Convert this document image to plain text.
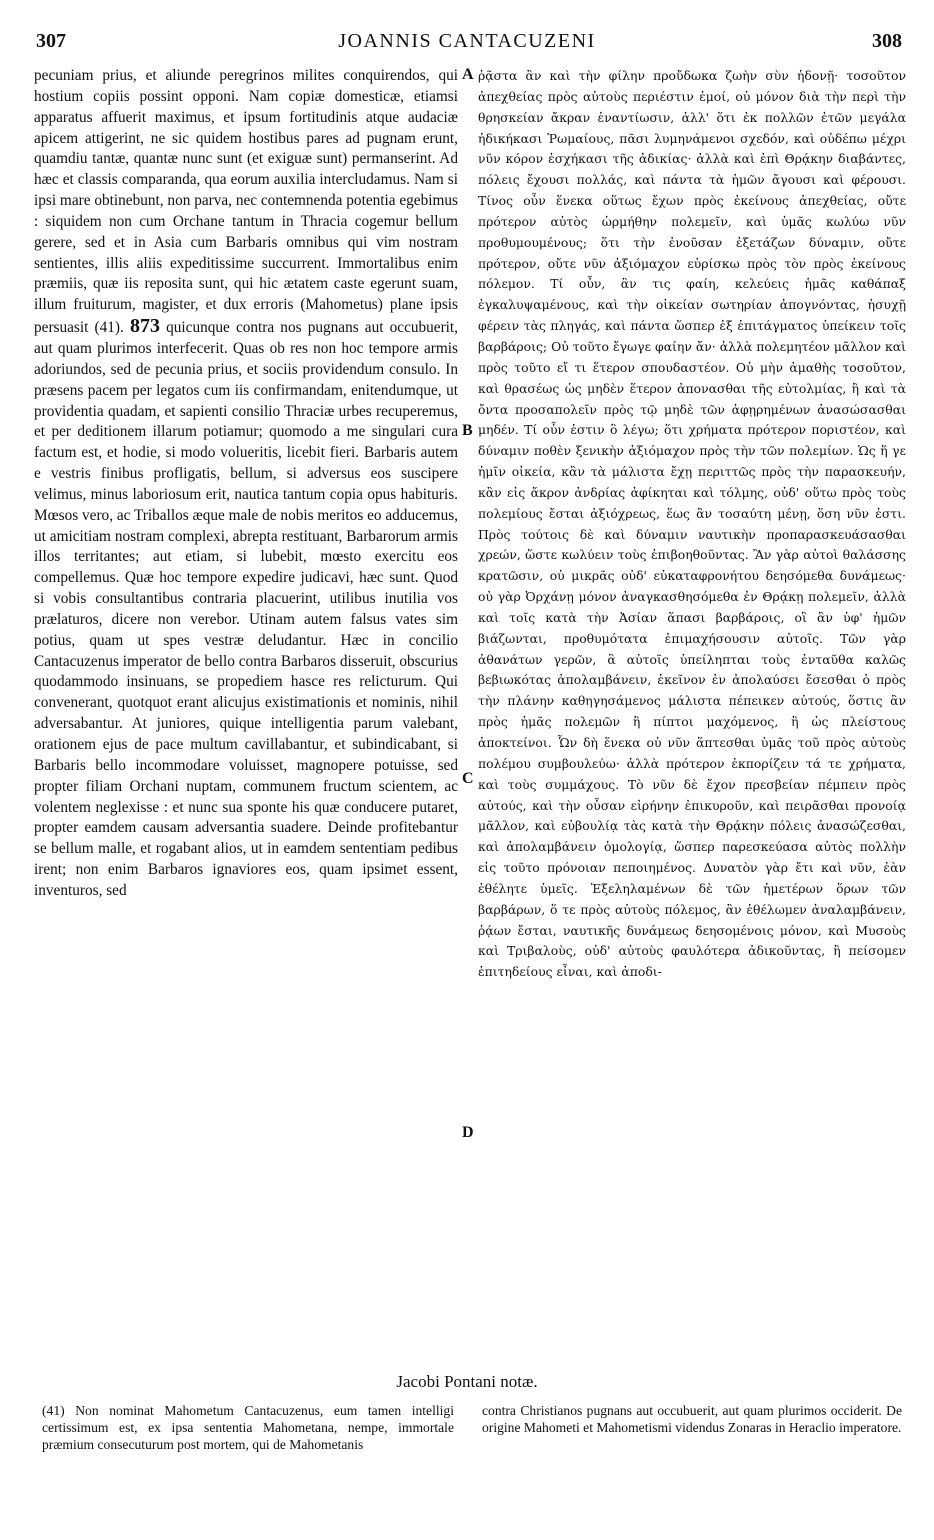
307	JOANNIS CANTACUZENI	308

pecuniam prius, et aliunde peregrinos milites conquirendos, qui hostium copiis possint opponi. Nam copiæ domesticæ, etiamsi apparatus affuerit maximus, et ipsum fortitudinis atque audaciæ apicem attigerint, ne sic quidem hostibus pares ad pugnam erunt, quamdiu tantæ, quantæ nunc sunt (et exiguæ sunt) permanserint. Ad hæc et classis comparanda, qua eorum auxilia intercludamus. Nam si ipsi mare obtinebunt, non parva, nec contemnenda potentia egebimus : siquidem non cum Orchane tantum in Thracia cogemur bellum gerere, sed et in Asia cum Barbaris omnibus qui vim nostram sentientes, illis aliis expeditissime succurrent. Immortalibus enim præmiis, quæ iis reposita sunt, qui hic ætatem caste egerunt suam, illum fruiturum, magister, et dux erroris (Mahometus) plane ipsis persuasit (41). 873 quicunque contra nos pugnans aut occubuerit, aut quam plurimos interfecerit. Quas ob res non hoc tempore armis adoriundos, sed de pecunia prius, et sociis providendum consulo. In præsens pacem per legatos cum iis confirmandam, enitendumque, ut providentia quadam, et sapienti consilio Thraciæ urbes recuperemus, et per deditionem illarum potiamur; quomodo a me singulari cura factum est, et hodie, si modo volueritis, licebit fieri. Barbaris autem e vestris finibus profligatis, bellum, si adversus eos suscipere velimus, minus laboriosum erit, nautica tantum copia opus habituris. Mœsos vero, ac Triballos æque male de nobis meritos eo adducemus, ut amicitiam nostram complexi, abrepta restituant, Barbarorum armis illos territantes; aut etiam, si lubebit, mœsto exercitu eos compellemus. Quæ hoc tempore expedire judicavi, hæc sunt. Quod si vobis consultantibus contraria placuerint, utilibus inutilia vos prælaturos, dicere non verebor. Utinam autem falsus vates sim potius, quam ut spes vestræ deludantur. Hæc in concilio Cantacuzenus imperator de bello contra Barbaros disseruit, obscurius quodammodo insinuans, se propediem hasce res relicturum. Qui convenerant, quotquot erant alicujus existimationis et nominis, nihil adversabantur. At juniores, quique intelligentia parum valebant, orationem ejus de pace multum cavillabantur, et subindicabant, si Barbaris bello incommodare voluisset, magnopere potuisse, sed propter filiam Orchani nuptam, communem fructum scientem, ac volentem neglexisse : et nunc sua sponte his quæ conducere putaret, propter eamdem causam adversantia suadere. Deinde profitebantur se bellum malle, et rogabant alios, ut in eamdem sententiam pedibus irent; non enim Barbaros ignaviores eos, quam ipsimet essent, inventuros, sed

A
B
C
D

ῥᾷστα ἂν καὶ τὴν φίλην προὔδωκα ζωὴν σὺν ἡδονῇ· τοσοῦτον ἀπεχθείας πρὸς αὐτοὺς περιέστιν ἐμοί, οὐ μόνον διὰ τὴν περὶ τὴν θρησκείαν ἄκραν ἐναντίωσιν, ἀλλ' ὅτι ἐκ πολλῶν ἐτῶν μεγάλα ἠδικήκασι Ῥωμαίους, πᾶσι λυμηνάμενοι σχεδόν, καὶ οὐδέπω μέχρι νῦν κόρον ἐσχήκασι τῆς ἀδικίας· ἀλλὰ καὶ ἐπὶ Θρᾴκην διαβάντες, πόλεις ἔχουσι πολλάς, καὶ πάντα τὰ ἡμῶν ἄγουσι καὶ φέρουσι. Τίνος οὖν ἕνεκα οὕτως ἔχων πρὸς ἐκείνους ἀπεχθείας, οὔτε πρότερον αὐτὸς ὡρμήθην πολεμεῖν, καὶ ὑμᾶς κωλύω νῦν προθυμουμένους; ὅτι τὴν ἐνοῦσαν ἐξετάζων δύναμιν, οὔτε πρότερον, οὔτε νῦν ἀξιόμαχον εὑρίσκω πρὸς τὸν πρὸς ἐκείνους πόλεμον. Τί οὖν, ἂν τις φαίη, κελεύεις ἡμᾶς καθάπαξ ἐγκαλυψαμένους, καὶ τὴν οἰκείαν σωτηρίαν ἀπογνόντας, ἡσυχῇ φέρειν τὰς πληγάς, καὶ πάντα ὥσπερ ἐξ ἐπιτάγματος ὑπείκειν τοῖς βαρβάροις; Οὐ τοῦτο ἔγωγε φαίην ἄν· ἀλλὰ πολεμητέον μᾶλλον καὶ πρὸς τοῦτο εἴ τι ἕτερον σπουδαστέον. Οὐ μὴν ἀμαθὴς τοσοῦτον, καὶ θρασέως ὡς μηδὲν ἕτερον ἀπονασθαι τῆς εὐτολμίας, ἢ καὶ τὰ ὄντα προσαπολεῖν πρὸς τῷ μηδὲ τῶν ἀφῃρημένων ἀνασώσασθαι μηδέν. Τί οὖν ἐστιν ὃ λέγω; ὅτι χρήματα πρότερον ποριστέον, καὶ δύναμιν ποθὲν ξενικὴν ἀξιόμαχον πρὸς τὴν τῶν πολεμίων. Ὡς ἥ γε ἡμῖν οἰκεία, κἂν τὰ μάλιστα ἔχῃ περιττῶς πρὸς τὴν παρασκευήν, κἂν εἰς ἄκρον ἀνδρίας ἀφίκηται καὶ τόλμης, οὐδ' οὕτω πρὸς τοὺς πολεμίους ἔσται ἀξιόχρεως, ἕως ἂν τοσαύτη μένῃ, ὅση νῦν ἐστι. Πρὸς τούτοις δὲ καὶ δύναμιν ναυτικὴν προπαρασκευάσασθαι χρεών, ὥστε κωλύειν τοὺς ἐπιβοηθοῦντας. Ἂν γὰρ αὐτοὶ θαλάσσης κρατῶσιν, οὐ μικρᾶς οὐδ' εὐκαταφρονήτου δεησόμεθα δυνάμεως· οὐ γὰρ Ὀρχάνῃ μόνον ἀναγκασθησόμεθα ἐν Θρᾴκῃ πολεμεῖν, ἀλλὰ καὶ τοῖς κατὰ τὴν Ἀσίαν ἅπασι βαρβάροις, οἳ ἂν ὑφ' ἡμῶν βιάζωνται, προθυμότατα ἐπιμαχήσουσιν αὐτοῖς. Τῶν γὰρ ἀθανάτων γερῶν, ἃ αὐτοῖς ὑπείληπται τοὺς ἐνταῦθα καλῶς βεβιωκότας ἀπολαμβάνειν, ἐκεῖνον ἐν ἀπολαύσει ἔσεσθαι ὁ πρὸς τὴν πλάνην καθηγησάμενος μάλιστα πέπεικεν αὐτούς, ὅστις ἂν πρὸς ἡμᾶς πολεμῶν ἢ πίπτοι μαχόμενος, ἢ ὡς πλείστους ἀποκτείνοι. Ὧν δὴ ἕνεκα οὐ νῦν ἅπτεσθαι ὑμᾶς τοῦ πρὸς αὐτοὺς πολέμου συμβουλεύω· ἀλλὰ πρότερον ἐκπορίζειν τά τε χρήματα, καὶ τοὺς συμμάχους. Τὸ νῦν δὲ ἔχον πρεσβείαν πέμπειν πρὸς αὐτούς, καὶ τὴν οὖσαν εἰρήνην ἐπικυροῦν, καὶ πειρᾶσθαι προνοίᾳ μᾶλλον, καὶ εὐβουλίᾳ τὰς κατὰ τὴν Θρᾴκην πόλεις ἀνασώζεσθαι, καὶ ἀπολαμβάνειν ὁμολογίᾳ, ὥσπερ παρεσκεύασα αὐτὸς πολλὴν εἰς τοῦτο πρόνοιαν πεποιημένος. Δυνατὸν γὰρ ἔτι καὶ νῦν, ἐὰν ἐθέλητε ὑμεῖς. Ἐξεληλαμένων δὲ τῶν ἡμετέρων ὅρων τῶν βαρβάρων, ὅ τε πρὸς αὐτοὺς πόλεμος, ἂν ἐθέλωμεν ἀναλαμβάνειν, ῥᾴων ἔσται, ναυτικῆς δυνάμεως δεησομένοις μόνον, καὶ Μυσοὺς καὶ Τριβαλοὺς, οὐδ' αὐτοὺς φαυλότερα ἀδικοῦντας, ἢ πείσομεν ἐπιτηδείους εἶναι, καὶ ἀποδι-

Jacobi Pontani notæ.
(41) Non nominat Mahometum Cantacuzenus, eum tamen intelligi certissimum est, ex ipsa sententia Mahometana, nempe, immortale præmium consecuturum post mortem, qui de Mahometanis
contra Christianos pugnans aut occubuerit, aut quam plurimos occiderit. De origine Mahometi et Mahometismi videndus Zonaras in Heraclio imperatore.
